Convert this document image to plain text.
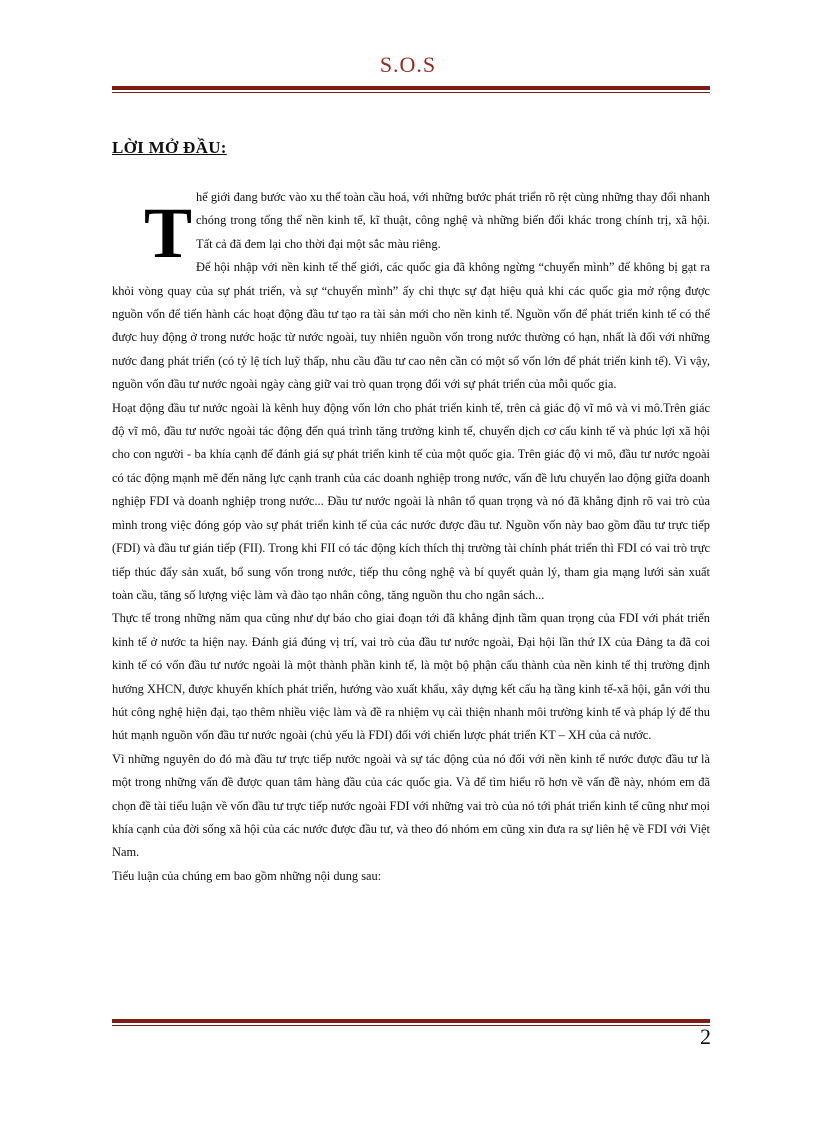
S.O.S
LỜI MỞ ĐẦU:

Thế giới đang bước vào xu thế toàn cầu hoá, với những bước phát triển rõ rệt cùng những thay đổi nhanh chóng trong tổng thể nền kinh tế, kĩ thuật, công nghệ và những biến đổi khác trong chính trị, xã hội. Tất cả đã đem lại cho thời đại một sắc màu riêng.

Để hội nhập với nền kinh tế thế giới, các quốc gia đã không ngừng “chuyển mình” để không bị gạt ra khỏi vòng quay của sự phát triển, và sự “chuyển mình” ấy chỉ thực sự đạt hiệu quả khi các quốc gia mở rộng được nguồn vốn để tiến hành các hoạt động đầu tư tạo ra tài sản mới cho nền kinh tế. Nguồn vốn để phát triển kinh tế có thể được huy động ở trong nước hoặc từ nước ngoài, tuy nhiên nguồn vốn trong nước thường có hạn, nhất là đối với những nước đang phát triển (có tỷ lệ tích luỹ thấp, nhu cầu đầu tư cao nên cần có một số vốn lớn để phát triển kinh tế). Vì vậy, nguồn vốn đầu tư nước ngoài ngày càng giữ vai trò quan trọng đối với sự phát triển của mỗi quốc gia.

Hoạt động đầu tư nước ngoài là kênh huy động vốn lớn cho phát triển kinh tế, trên cả giác độ vĩ mô và vi mô.Trên giác độ vĩ mô, đầu tư nước ngoài tác động đến quá trình tăng trưởng kinh tế, chuyển dịch cơ cấu kinh tế và phúc lợi xã hội cho con người - ba khía cạnh để đánh giá sự phát triển kinh tế của một quốc gia. Trên giác độ vi mô, đầu tư nước ngoài có tác động mạnh mẽ đến năng lực cạnh tranh của các doanh nghiệp trong nước, vấn đề lưu chuyển lao động giữa doanh nghiệp FDI và doanh nghiệp trong nước... Đầu tư nước ngoài là nhân tố quan trọng và nó đã khẳng định rõ vai trò của mình trong việc đóng góp vào sự phát triển kinh tế của các nước được đầu tư. Nguồn vốn này bao gồm đầu tư trực tiếp (FDI) và đầu tư gián tiếp (FII). Trong khi FII có tác động kích thích thị trường tài chính phát triển thì FDI có vai trò trực tiếp thúc đẩy sản xuất, bổ sung vốn trong nước, tiếp thu công nghệ và bí quyết quản lý, tham gia mạng lưới sản xuất toàn cầu, tăng số lượng việc làm và đào tạo nhân công, tăng nguồn thu cho ngân sách...

Thực tế trong những năm qua cũng như dự báo cho giai đoạn tới đã khẳng định tầm quan trọng của FDI với phát triển kinh tế ở nước ta hiện nay. Đánh giá đúng vị trí, vai trò của đầu tư nước ngoài, Đại hội lần thứ IX của Đảng ta đã coi kinh tế có vốn đầu tư nước ngoài là một thành phần kinh tế, là một bộ phận cấu thành của nền kinh tế thị trường định hướng XHCN, được khuyến khích phát triển, hướng vào xuất khẩu, xây dựng kết cấu hạ tầng kinh tế-xã hội, gắn với thu hút công nghệ hiện đại, tạo thêm nhiều việc làm và đề ra nhiệm vụ cải thiện nhanh môi trường kinh tế và pháp lý để thu hút mạnh nguồn vốn đầu tư nước ngoài (chủ yếu là FDI) đối với chiến lược phát triển KT – XH của cả nước.

Vì những nguyên do đó mà đầu tư trực tiếp nước ngoài và sự tác động của nó đối với nền kinh tế nước được đầu tư là một trong những vấn đề được quan tâm hàng đầu của các quốc gia. Và để tìm hiểu rõ hơn về vấn đề này, nhóm em đã chọn đề tài tiểu luận về vốn đầu tư trực tiếp nước ngoài FDI với những vai trò của nó tới phát triển kinh tế cũng như mọi khía cạnh của đời sống xã hội của các nước được đầu tư, và theo đó nhóm em cũng xin đưa ra sự liên hệ về FDI với Việt Nam.

Tiểu luận của chúng em bao gồm những nội dung sau:

2
